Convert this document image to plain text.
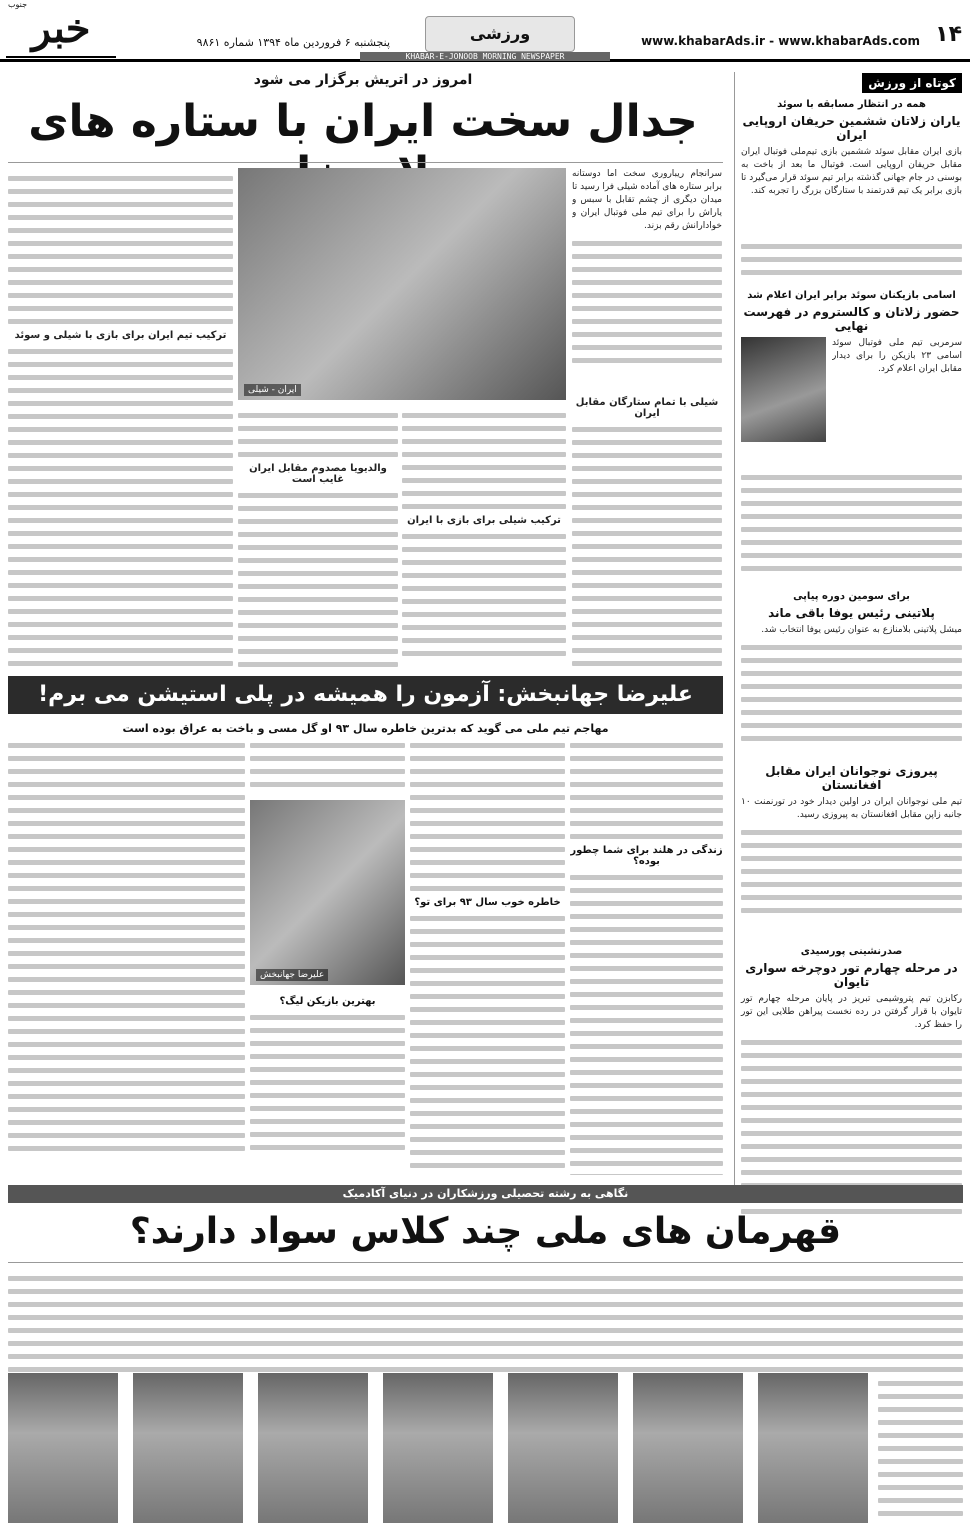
۱۴
www.khabarAds.ir - www.khabarAds.com
ورزشی
پنجشنبه ۶ فروردین ماه ۱۳۹۴ شماره ۹۸۶۱
KHABAR-E-JONOOB MORNING NEWSPAPER
جنوب
خبر
کوتاه از ورزش
همه در انتظار مسابقه با سوئد
یاران زلاتان ششمین حریفان اروپایی ایران
بازی ایران مقابل سوئد ششمین بازی تیم‌ملی فوتبال ایران مقابل حریفان اروپایی است. فوتبال ما بعد از باخت به بوسنی در جام جهانی گذشته برابر تیم سوئد قرار می‌گیرد تا بازی برابر یک تیم قدرتمند با ستارگان بزرگ را تجربه کند.
اسامی بازیکنان سوئد برابر ایران اعلام شد
حضور زلاتان و کالستروم در فهرست نهایی
سرمربی تیم ملی فوتبال سوئد اسامی ۲۳ بازیکن را برای دیدار مقابل ایران اعلام کرد.
برای سومین دوره پیاپی
پلاتینی رئیس یوفا باقی ماند
میشل پلاتینی بلامنازع به عنوان رئیس یوفا انتخاب شد.
پیروزی نوجوانان ایران مقابل افغانستان
تیم ملی نوجوانان ایران در اولین دیدار خود در تورنمنت ۱۰ جانبه زاپن مقابل افغانستان به پیروزی رسید.
صدرنشینی پورسیدی
در مرحله چهارم تور دوچرخه سواری تایوان
رکابزن تیم پتروشیمی تبریز در پایان مرحله چهارم تور تایوان با قرار گرفتن در رده نخست پیراهن طلایی این تور را حفظ کرد.
امروز در اتریش برگزار می شود
جدال سخت ایران با ستاره های
سرانجام ریباروری سخت اما دوستانه برابر ستاره های آماده شیلی فرا رسید تا میدان دیگری از چشم تقابل با سبس و یاراش را برای تیم ملی فوتبال ایران و خوادارانش رقم بزند.
شیلی با تمام ستارگان مقابل ایران
ایران - شیلی
ترکیب شیلی برای بازی با ایران
والدیویا مصدوم مقابل ایران غایب است
ترکیب تیم ایران برای بازی با شیلی و سوئد
علیرضا جهانبخش: آزمون را همیشه در پلی استیشن می برم!
مهاجم تیم ملی می گوید که بدترین خاطره سال ۹۳ او گل مسی و باخت به عراق بوده است
زندگی در هلند برای شما چطور بوده؟
خاطره خوب سال ۹۳ برای تو؟
علیرضا جهانبخش
بهترین بازیکن لیگ؟
نگاهی به رشته تحصیلی ورزشکاران در دنیای آکادمیک
قهرمان های ملی چند کلاس سواد دارند؟
